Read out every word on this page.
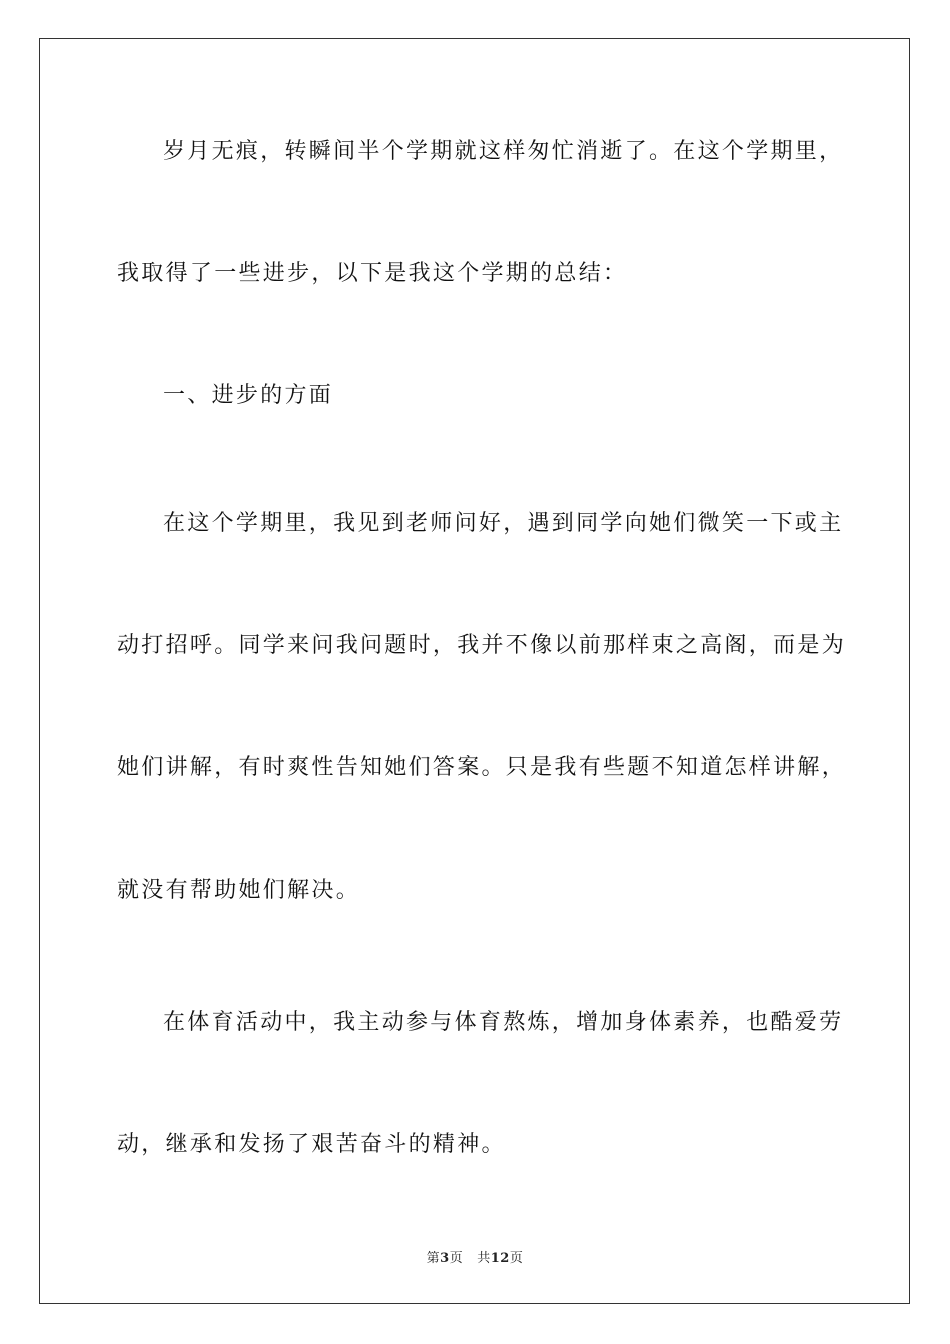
岁月无痕，转瞬间半个学期就这样匆忙消逝了。在这个学期里，
我取得了一些进步，以下是我这个学期的总结：
一、进步的方面
在这个学期里，我见到老师问好，遇到同学向她们微笑一下或主
动打招呼。同学来问我问题时，我并不像以前那样束之高阁，而是为
她们讲解，有时爽性告知她们答案。只是我有些题不知道怎样讲解，
就没有帮助她们解决。
在体育活动中，我主动参与体育熬炼，增加身体素养，也酷爱劳
动，继承和发扬了艰苦奋斗的精神。
第3页 共12页
